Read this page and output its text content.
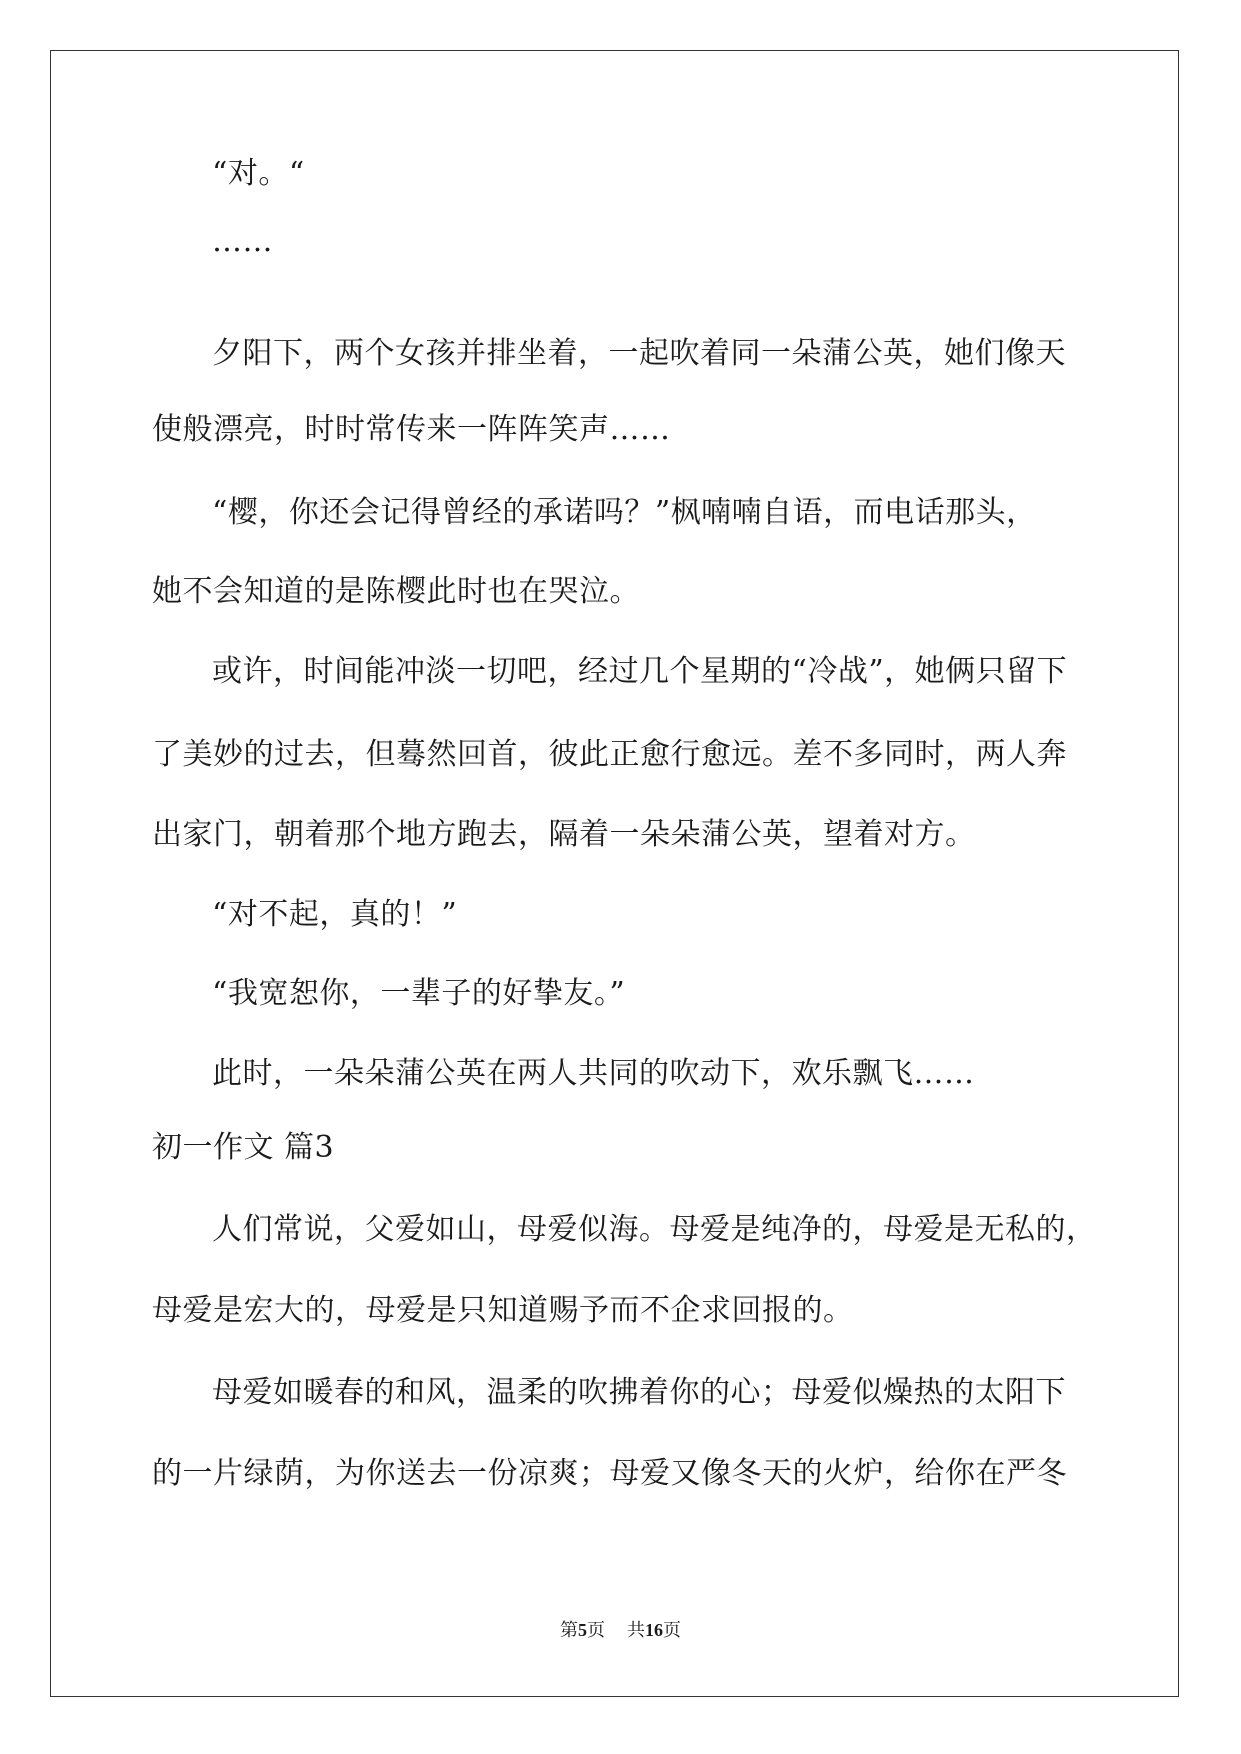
“对。“
……
夕阳下，两个女孩并排坐着，一起吹着同一朵蒲公英，她们像天
使般漂亮，时时常传来一阵阵笑声……
“樱，你还会记得曾经的承诺吗？”枫喃喃自语，而电话那头，
她不会知道的是陈樱此时也在哭泣。
或许，时间能冲淡一切吧，经过几个星期的“冷战”，她俩只留下
了美妙的过去，但蓦然回首，彼此正愈行愈远。差不多同时，两人奔
出家门，朝着那个地方跑去，隔着一朵朵蒲公英，望着对方。
“对不起，真的！”
“我宽恕你，一辈子的好挚友。”
此时，一朵朵蒲公英在两人共同的吹动下，欢乐飘飞……
初一作文 篇3
人们常说，父爱如山，母爱似海。母爱是纯净的，母爱是无私的，
母爱是宏大的，母爱是只知道赐予而不企求回报的。
母爱如暖春的和风，温柔的吹拂着你的心；母爱似燥热的太阳下
的一片绿荫，为你送去一份凉爽；母爱又像冬天的火炉，给你在严冬
第5页 共16页
